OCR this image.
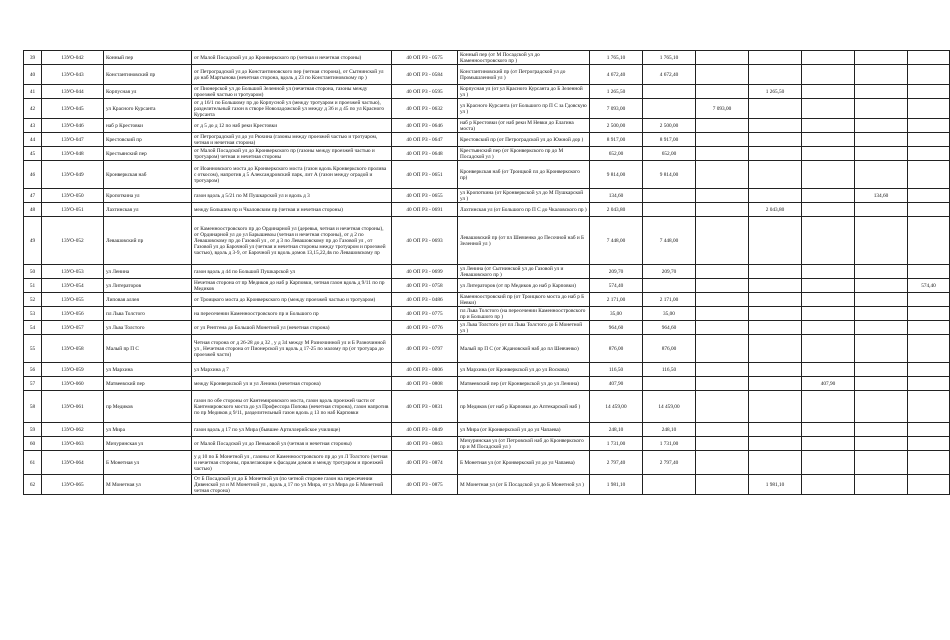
39	13УО-042	Конный пер	от Малой Посадской ул до Кронверкского пр (четная и нечетная стороны)	40 ОП РЗ - 0575	Конный пер (от М Посадской ул до Каменноостровского пр )	1 765,10	1 765,10					
40	13УО-043	Константиновский пр	от Петроградской ул до Константиновского пер (четная сторона), от Сытнинской ул до наб Мартынова (нечетная сторона, вдоль д 23 по Константиновскому пр )	40 ОП РЗ - 0584	Константиновский пр (от Петроградской ул до Промышленной ул )	4 672,40	4 672,40					
41	13УО-044	Корпусная ул	от Пионерской ул до Большой Зеленной ул (нечетная сторона, газоны между проезжей частью и тротуаром)	40 ОП РЗ - 0595	Корпусная ул (от ул Красного Курсанта до Б Зеленной ул )	1 265,50			1 265,50			
42	13УО-045	ул Красного Курсанта	от д 16/1 по Большому пр до Корпусной ул (между тротуаром и проезжей частью), разделительный газон в створе Новоладожской ул между д 36 и д 45 по ул Красного Курсанта	40 ОП РЗ - 0632	ул Красного Курсанта (от Большого пр П С за Гдовскую ул )	7 093,00		7 093,00				
43	13УО-046	наб р Крестовки	от д 5 до д 12 по наб реки Крестовки	40 ОП РЗ - 0646	наб р Крестовки (от наб реки М Невки до Елагина моста)	2 500,00	2 500,00					
44	13УО-047	Крестовский пр	от Петроградской ул до ул Рюхина (газоны между проезжей частью и тротуаром, четная и нечетная сторона)	40 ОП РЗ - 0647	Крестовский пр (от Петроградской ул до Южной дор )	8 917,00	8 917,00					
45	13УО-048	Крестьянский пер	от Малой Посадской ул до Кронверкского пр (газоны между проезжей частью и тротуаром) четная и нечетная стороны	40 ОП РЗ - 0648	Крестьянский пер (от Кронверкского пр до М Посадской ул )	652,00	652,00					
46	13УО-049	Кронверкская наб	от Иоанновского моста до Кронверкского моста (газон вдоль Кронверкского пролива с откосом), напротив д 5 Александровский парк, лит А (газон между оградой и тротуаром)	40 ОП РЗ - 0651	Кронверкская наб (от Троицкой пл до Кронверкского пр)	9 814,00	9 814,00					
47	13УО-050	Кропоткина ул	газон вдоль д 5/21 по М Пушкарской ул и вдоль д 3	40 ОП РЗ - 0655	ул Кропоткина (от Кронверкской ул до М Пушкарской ул )	134,60					134,60	
48	13УО-051	Лахтинская ул	между Большим пр и Чкаловским пр (четная и нечетная стороны)	40 ОП РЗ - 0691	Лахтинская ул (от Большого пр П С до Чкаловского пр )	2 043,80			2 043,80			
49	13УО-052	Левашовский пр	от Каменноостровского пр до Ординарной ул (деревья, четная и нечетная стороны), от Ординарной ул до ул Барышевоы (четная и нечетная стороны), от д 2 по Левашовскому пр до Газовой ул , от д 3 по Левашовскому пр до Газовой ул , от Газовой ул до Барочной ул (четная и нечетная стороны между тротуаром и проезжей частью), вдоль д 3-9, от Барочной ул вдоль домов 13,15,22,4в по Левашовскому пр	40 ОП РЗ - 0693	Левашовский пр (от пл Шевченко до Песочной наб и Б Зеленной ул )	7 448,00	7 448,00					
50	13УО-053	ул Ленина	газон вдоль д 44 по Большой Пушкарской ул	40 ОП РЗ - 0699	ул Ленина (от Сытнинской ул до Газовой ул и Левашовского пр )	209,70	209,70					
51	13УО-054	ул Литераторов	Нечетная сторона от пр Медиков до наб р Карповки, четная газон вдоль д 9/11 по пр Медиков	40 ОП РЗ - 0758	ул Литераторов (от пр Медиков до наб р Карповки)	574,40						574,40
52	13УО-055	Липовая аллея	от Троицкого моста до Кронверкского пр (между проезжей частью и тротуаром)	40 ОП РЗ - 0486	Каменноостровский пр (от Троицкого моста до наб р Б Невки)	2 171,00	2 171,00					
53	13УО-056	пл Льва Толстого	на пересечении Каменноостровского пр и Большого пр	40 ОП РЗ - 0775	пл Льва Толстого (на пересечении Каменноостровского пр и Большого пр )	35,00	35,00					
54	13УО-057	ул Льва Толстого	от ул Рентгена до Большой Монетной ул (нечетная сторона)	40 ОП РЗ - 0776	ул Льва Толстого (от пл Льва Толстого до Б Монетной ул )	964,60	964,60					
55	13УО-058	Малый пр П С	Четная сторона от д 26-28 до д 32 , у д 34 между М Разночинной ул и Б Разночинной ул , Нечетная сторона от Пионерской ул вдоль д 17-25 по малому пр (от тротуара до проезжей части)	40 ОП РЗ - 0797	Малый пр П С (от Ждановской наб до пл Шевченко)	876,00	876,00					
56	13УО-059	ул Мархина	ул Мархина д 7	40 ОП РЗ - 0806	ул Мархина (от Кронверкской ул до ул Воскова)	116,50	116,50					
57	13УО-060	Матвеевский пер	между Кронверкской ул и ул Ленина (нечетная сторона)	40 ОП РЗ - 0808	Матвеевский пер (от Кронверкской ул до ул Ленина)	407,90				407,90		
58	13УО-061	пр Медиков	газон по обе стороны от Кантемировского моста, газон вдоль проезжей части от Кантемировского моста до ул Профессора Попова (нечетная сторона), газон напротив по пр Медиков д 9/11, разделительный газон вдоль д 13 по наб Карповки	40 ОП РЗ - 0831	пр Медиков (от наб р Карповки до Аптекарской наб )	14 459,00	14 459,00					
59	13УО-062	ул Мира	газон вдоль д 17 по ул Мира (бывшее Артиллерийское училище)	40 ОП РЗ - 0849	ул Мира (от Кронверкской ул до ул Чапаева)	248,10	248,10					
60	13УО-063	Мичуринская ул	от Малой Посадской ул до Пеньковой ул (четная и нечетная стороны)	40 ОП РЗ - 0863	Мичуринская ул (от Петровской наб до Кронверкского пр и М Посадской ул )	1 731,00	1 731,00					
61	13УО-064	Б Монетная ул	у д 10 по Б Монетной ул , газоны от Каменноостровского пр до ул Л Толстого (четная и нечетная стороны, прилегающие к фасадам домов и между тротуаром и проезжей частью)	40 ОП РЗ - 0874	Б Монетная ул (от Кронверкской ул до ул Чапаева)	2 797,40	2 797,40					
62	13УО-065	М Монетная ул	От Б Посадской ул до Б Монетной ул (по четной стороне газон на пересечении Дивенской ул и М Монетной ул , вдоль д 17 по ул Мира, от ул Мира до Б Монетной четная сторона)	40 ОП РЗ - 0875	М Монетная ул (от Б Посадской ул до Б Монетной ул )	1 981,10			1 981,10			
